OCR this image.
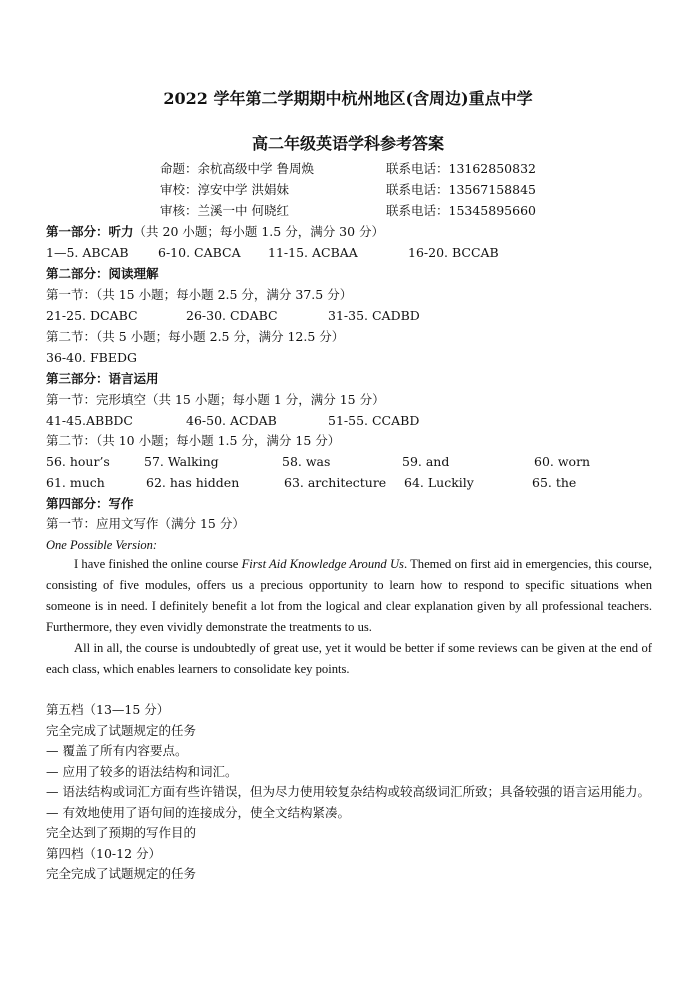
2022 学年第二学期期中杭州地区(含周边)重点中学
高二年级英语学科参考答案
命题：余杭高级中学 鲁周焕	联系电话：13162850832
审校：淳安中学 洪娟妹	联系电话：13567158845
审核：兰溪一中 何晓红	联系电话：15345895660
第一部分：听力（共 20 小题；每小题 1.5 分，满分 30 分）
1—5. ABCAB 6-10. CABCA 11-15. ACBAA	16-20. BCCAB
第二部分：阅读理解
第一节：（共 15 小题；每小题 2.5 分，满分 37.5 分）
21-25. DCABC	26-30. CDABC	31-35. CADBD
第二节：（共 5 小题；每小题 2.5 分，满分 12.5 分）
36-40. FBEDG
第三部分：语言运用
第一节：完形填空（共 15 小题；每小题 1 分，满分 15 分）
41-45.ABBDC	46-50. ACDAB	51-55. CCABD
第二节：（共 10 小题；每小题 1.5 分，满分 15 分）
56. hour’s	57. Walking	58. was	59. and	60. worn
61. much	62. has hidden	63. architecture 64. Luckily	65. the
第四部分：写作
第一节：应用文写作（满分 15 分）
One Possible Version:
I have finished the online course First Aid Knowledge Around Us. Themed on first aid in emergencies, this course, consisting of five modules, offers us a precious opportunity to learn how to respond to specific situations when someone is in need. I definitely benefit a lot from the logical and clear explanation given by all professional teachers. Furthermore, they even vividly demonstrate the treatments to us.
All in all, the course is undoubtedly of great use, yet it would be better if some reviews can be given at the end of each class, which enables learners to consolidate key points.
第五档（13—15 分）
完全完成了试题规定的任务
— 覆盖了所有内容要点。
— 应用了较多的语法结构和词汇。
— 语法结构或词汇方面有些许错误，但为尽力使用较复杂结构或较高级词汇所致；具备较强的语言运用能力。
— 有效地使用了语句间的连接成分，使全文结构紧凑。
完全达到了预期的写作目的
第四档（10-12 分）
完全完成了试题规定的任务
